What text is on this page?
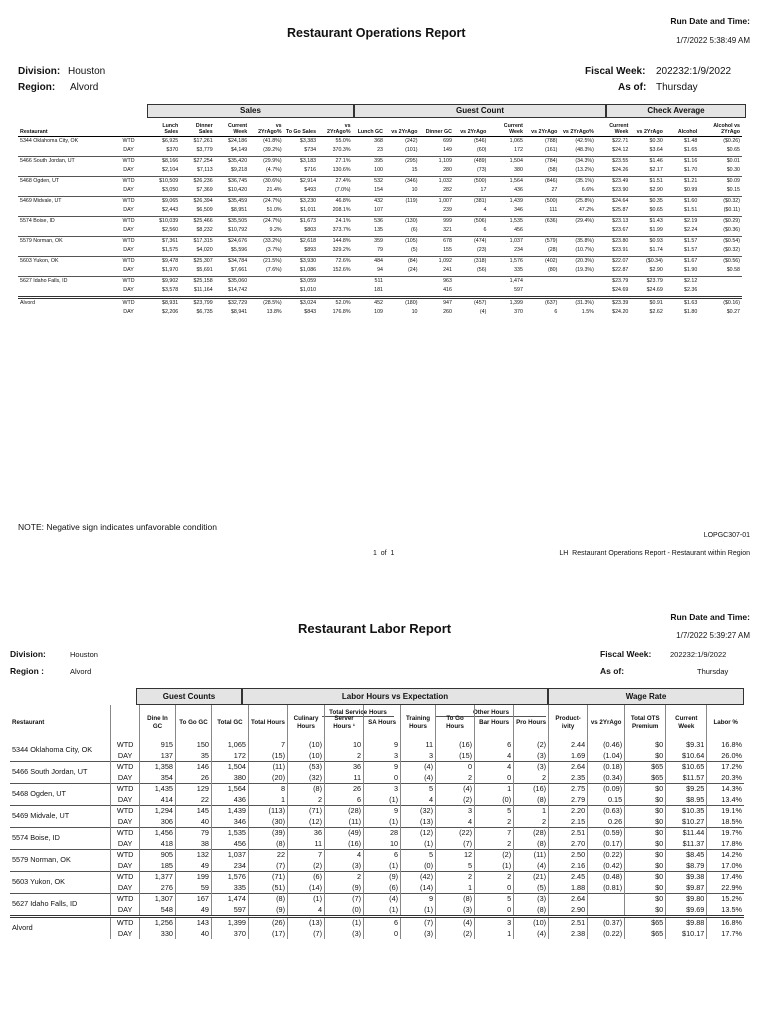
Restaurant Operations Report
Run Date and Time:
1/7/2022 5:38:49 AM
Division: Houston
Region: Alvord
Fiscal Week: 202232:1/9/2022
As of: Thursday
Sales	Guest Count	Check Average
Restaurant		Lunch Sales	Dinner Sales	Current Week	vs 2YrAgo%	To Go Sales	vs 2YrAgo%	Lunch GC	vs 2YrAgo	Dinner GC	vs 2YrAgo	Current Week	vs 2YrAgo	vs 2YrAgo%	Current Week	vs 2YrAgo	Alcohol	Alcohol vs 2YrAgo
5344 Oklahoma City, OK	WTD	$6,925	$17,261	$24,186	(41.8%)	$3,383	55.0%	368	(242)	699	(546)	1,065	(788)	(42.5%)	$22.71	$0.30	$1.48	($0.26)
	DAY	$370	$3,779	$4,149	(39.2%)	$734	370.3%	23	(101)	149	(60)	172	(161)	(48.3%)	$24.12	$3.64	$1.65	$0.65
5466 South Jordan, UT	WTD	$8,166	$27,254	$35,420	(29.9%)	$3,183	27.1%	395	(295)	1,109	(489)	1,504	(784)	(34.3%)	$23.55	$1.46	$1.16	$0.01
	DAY	$2,104	$7,113	$9,218	(4.7%)	$716	130.6%	100	15	280	(73)	380	(58)	(13.2%)	$24.26	$2.17	$1.70	$0.30
5468 Ogden, UT	WTD	$10,509	$26,236	$36,745	(30.6%)	$2,914	27.4%	532	(346)	1,032	(500)	1,564	(846)	(35.1%)	$23.49	$1.51	$1.21	$0.09
	DAY	$3,050	$7,369	$10,420	21.4%	$493	(7.0%)	154	10	282	17	436	27	6.6%	$23.90	$2.90	$0.99	$0.15
5469 Midvale, UT	WTD	$9,065	$26,394	$35,459	(24.7%)	$3,230	46.8%	432	(119)	1,007	(381)	1,439	(500)	(25.8%)	$24.64	$0.35	$1.60	($0.32)
	DAY	$2,443	$6,509	$8,951	51.0%	$1,011	208.1%	107		239	4	346	111	47.2%	$25.87	$0.65	$1.51	($0.11)
5574 Boise, ID	WTD	$10,039	$25,466	$35,505	(24.7%)	$1,673	24.1%	536	(130)	999	(506)	1,535	(636)	(29.4%)	$23.13	$1.43	$2.19	($0.29)
	DAY	$2,560	$8,232	$10,792	9.2%	$803	373.7%	135	(6)	321	6	456			$23.67	$1.99	$2.24	($0.36)
5579 Norman, OK	WTD	$7,361	$17,315	$24,676	(33.2%)	$2,618	144.8%	359	(105)	678	(474)	1,037	(579)	(35.8%)	$23.80	$0.93	$1.57	($0.54)
	DAY	$1,575	$4,020	$5,596	(3.7%)	$893	329.2%	79	(5)	155	(23)	234	(28)	(10.7%)	$23.91	$1.74	$1.57	($0.32)
5603 Yukon, OK	WTD	$9,478	$25,307	$34,784	(21.5%)	$3,930	72.6%	484	(84)	1,092	(318)	1,576	(402)	(20.3%)	$22.07	($0.34)	$1.67	($0.56)
	DAY	$1,970	$5,691	$7,661	(7.6%)	$1,086	152.6%	94	(24)	241	(56)	335	(80)	(19.3%)	$22.87	$2.90	$1.90	$0.58
5627 Idaho Falls, ID	WTD	$9,902	$25,158	$35,060		$3,059		511		963		1,474			$23.79	$23.79	$2.12	
	DAY	$3,578	$11,164	$14,742		$1,010		181		416		597			$24.69	$24.69	$2.36	
Alvord	WTD	$8,931	$23,799	$32,729	(28.5%)	$3,024	52.0%	452	(180)	947	(457)	1,399	(637)	(31.3%)	$23.39	$0.91	$1.63	($0.16)
	DAY	$2,206	$6,735	$8,941	13.8%	$843	176.8%	109	10	260	(4)	370	6	1.5%	$24.20	$2.62	$1.80	$0.27
NOTE: Negative sign indicates unfavorable condition
LOPGC307-01
1  of  1	LH  Restaurant Operations Report - Restaurant within Region
Run Date and Time:
1/7/2022 5:39:27 AM
Restaurant Labor Report
Division:	Houston
Region :	Alvord
Fiscal Week: 202232:1/9/2022
As of:	Thursday
Guest Counts	Labor Hours vs Expectation	Wage Rate
Total Service Hours	Other Hours
Restaurant		Dine In GC	To Go GC	Total GC	Total Hours	Culinary Hours	Server Hours ¹	SA Hours	Training Hours	To Go Hours	Bar Hours	Pro Hours	Product-ivity	vs 2YrAgo	Total OTS Premium	Current Week	Labor %
5344 Oklahoma City, OK	WTD	915	150	1,065	7	(10)	10	9	11	(16)	6	(2)	2.44	(0.46)	$0	$9.31	16.8%
	DAY	137	35	172	(15)	(10)	2	3	3	(15)	4	(3)	1.69	(1.04)	$0	$10.64	26.0%
5466 South Jordan, UT	WTD	1,358	146	1,504	(11)	(53)	36	9	(4)	0	4	(3)	2.64	(0.18)	$65	$10.65	17.2%
	DAY	354	26	380	(20)	(32)	11	0	(4)	2	0	2	2.35	(0.34)	$65	$11.57	20.3%
5468 Ogden, UT	WTD	1,435	129	1,564	8	(8)	26	3	5	(4)	1	(16)	2.75	(0.09)	$0	$9.25	14.3%
	DAY	414	22	436	1	2	6	(1)	4	(2)	(0)	(8)	2.79	0.15	$0	$8.95	13.4%
5469 Midvale, UT	WTD	1,294	145	1,439	(113)	(71)	(28)	9	(32)	3	5	1	2.20	(0.63)	$0	$10.35	19.1%
	DAY	306	40	346	(30)	(12)	(11)	(1)	(13)	4	2	2	2.15	0.26	$0	$10.27	18.5%
5574 Boise, ID	WTD	1,456	79	1,535	(39)	36	(49)	28	(12)	(22)	7	(28)	2.51	(0.59)	$0	$11.44	19.7%
	DAY	418	38	456	(8)	11	(16)	10	(1)	(7)	2	(8)	2.70	(0.17)	$0	$11.37	17.8%
5579 Norman, OK	WTD	905	132	1,037	22	7	4	6	5	12	(2)	(11)	2.50	(0.22)	$0	$8.45	14.2%
	DAY	185	49	234	(7)	(2)	(3)	(1)	(0)	5	(1)	(4)	2.16	(0.42)	$0	$8.79	17.0%
5603 Yukon, OK	WTD	1,377	199	1,576	(71)	(6)	2	(9)	(42)	2	2	(21)	2.45	(0.48)	$0	$9.38	17.4%
	DAY	276	59	335	(51)	(14)	(9)	(6)	(14)	1	0	(5)	1.88	(0.81)	$0	$9.87	22.9%
5627 Idaho Falls, ID	WTD	1,307	167	1,474	(8)	(1)	(7)	(4)	9	(8)	5	(3)	2.64		$0	$9.80	15.2%
	DAY	548	49	597	(9)	4	(0)	(1)	(1)	(3)	0	(8)	2.90		$0	$9.69	13.5%
Alvord	WTD	1,256	143	1,399	(26)	(13)	(1)	6	(7)	(4)	3	(10)	2.51	(0.37)	$65	$9.88	16.8%
	DAY	330	40	370	(17)	(7)	(3)	0	(3)	(2)	1	(4)	2.38	(0.22)	$65	$10.17	17.7%
